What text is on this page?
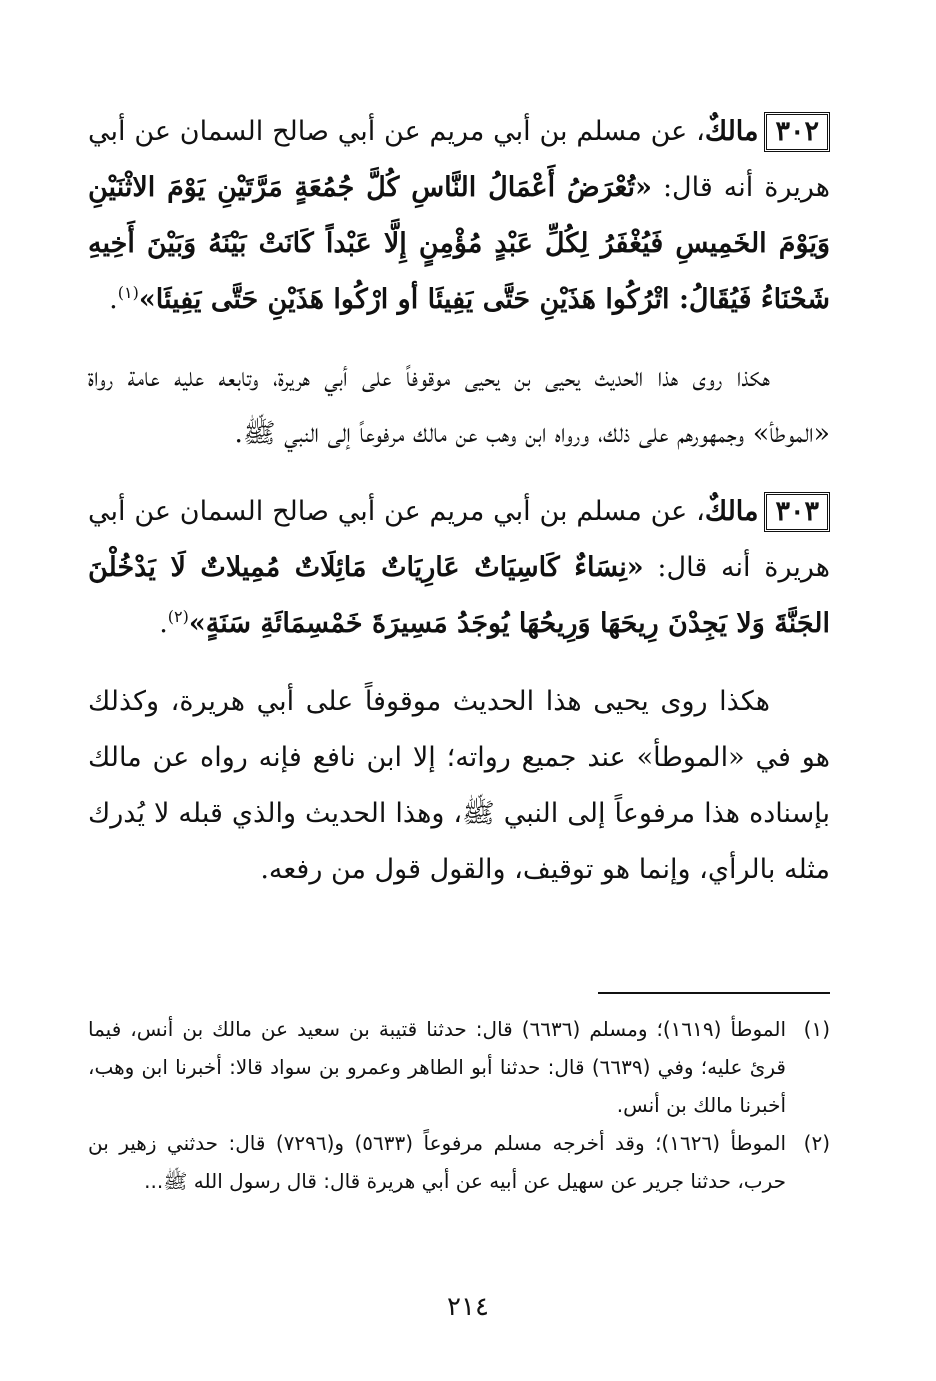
٣٠٢مالكٌ، عن مسلم بن أبي مريم عن أبي صالح السمان عن أبي هريرة أنه قال: «تُعْرَضُ أَعْمَالُ النَّاسِ كُلَّ جُمُعَةٍ مَرَّتَيْنِ يَوْمَ الاثْنَيْنِ وَيَوْمَ الخَمِيسِ فَيُغْفَرُ لِكُلِّ عَبْدٍ مُؤْمِنٍ إِلَّا عَبْداً كَانَتْ بَيْنَهُ وَبَيْنَ أَخِيهِ شَحْنَاءُ فَيُقَالُ: اتْرُكُوا هَذَيْنِ حَتَّى يَفِيئَا أو ارْكُوا هَذَيْنِ حَتَّى يَفِيئَا»$^{(١)}$.

هكذا روى هذا الحديث يحيى بن يحيى موقوفاً على أبي هريرة، وتابعه عليه عامة رواة «الموطأ» وجمهورهم على ذلك، ورواه ابن وهب عن مالك مرفوعاً إلى النبي ﷺ.

٣٠٣مالكٌ، عن مسلم بن أبي مريم عن أبي صالح السمان عن أبي هريرة أنه قال: «نِسَاءٌ كَاسِيَاتٌ عَارِيَاتٌ مَائِلَاتٌ مُمِيلاتٌ لَا يَدْخُلْنَ الجَنَّةَ وَلا يَجِدْنَ رِيحَهَا وَرِيحُهَا يُوجَدُ مَسِيرَةَ خَمْسِمَائَةِ سَنَةٍ»$^{(٢)}$.

هكذا روى يحيى هذا الحديث موقوفاً على أبي هريرة، وكذلك هو في «الموطأ» عند جميع رواته؛ إلا ابن نافع فإنه رواه عن مالك بإسناده هذا مرفوعاً إلى النبي ﷺ، وهذا الحديث والذي قبله لا يُدرك مثله بالرأي، وإنما هو توقيف، والقول قول من رفعه.

(١)
الموطأ (١٦١٩)؛ ومسلم (٦٦٣٦) قال: حدثنا قتيبة بن سعيد عن مالك بن أنس، فيما قرئ عليه؛ وفي (٦٦٣٩) قال: حدثنا أبو الطاهر وعمرو بن سواد قالا: أخبرنا ابن وهب، أخبرنا مالك بن أنس.
(٢)
الموطأ (١٦٢٦)؛ وقد أخرجه مسلم مرفوعاً (٥٦٣٣) و(٧٢٩٦) قال: حدثني زهير بن حرب، حدثنا جرير عن سهيل عن أبيه عن أبي هريرة قال: قال رسول الله ﷺ...
٢١٤
